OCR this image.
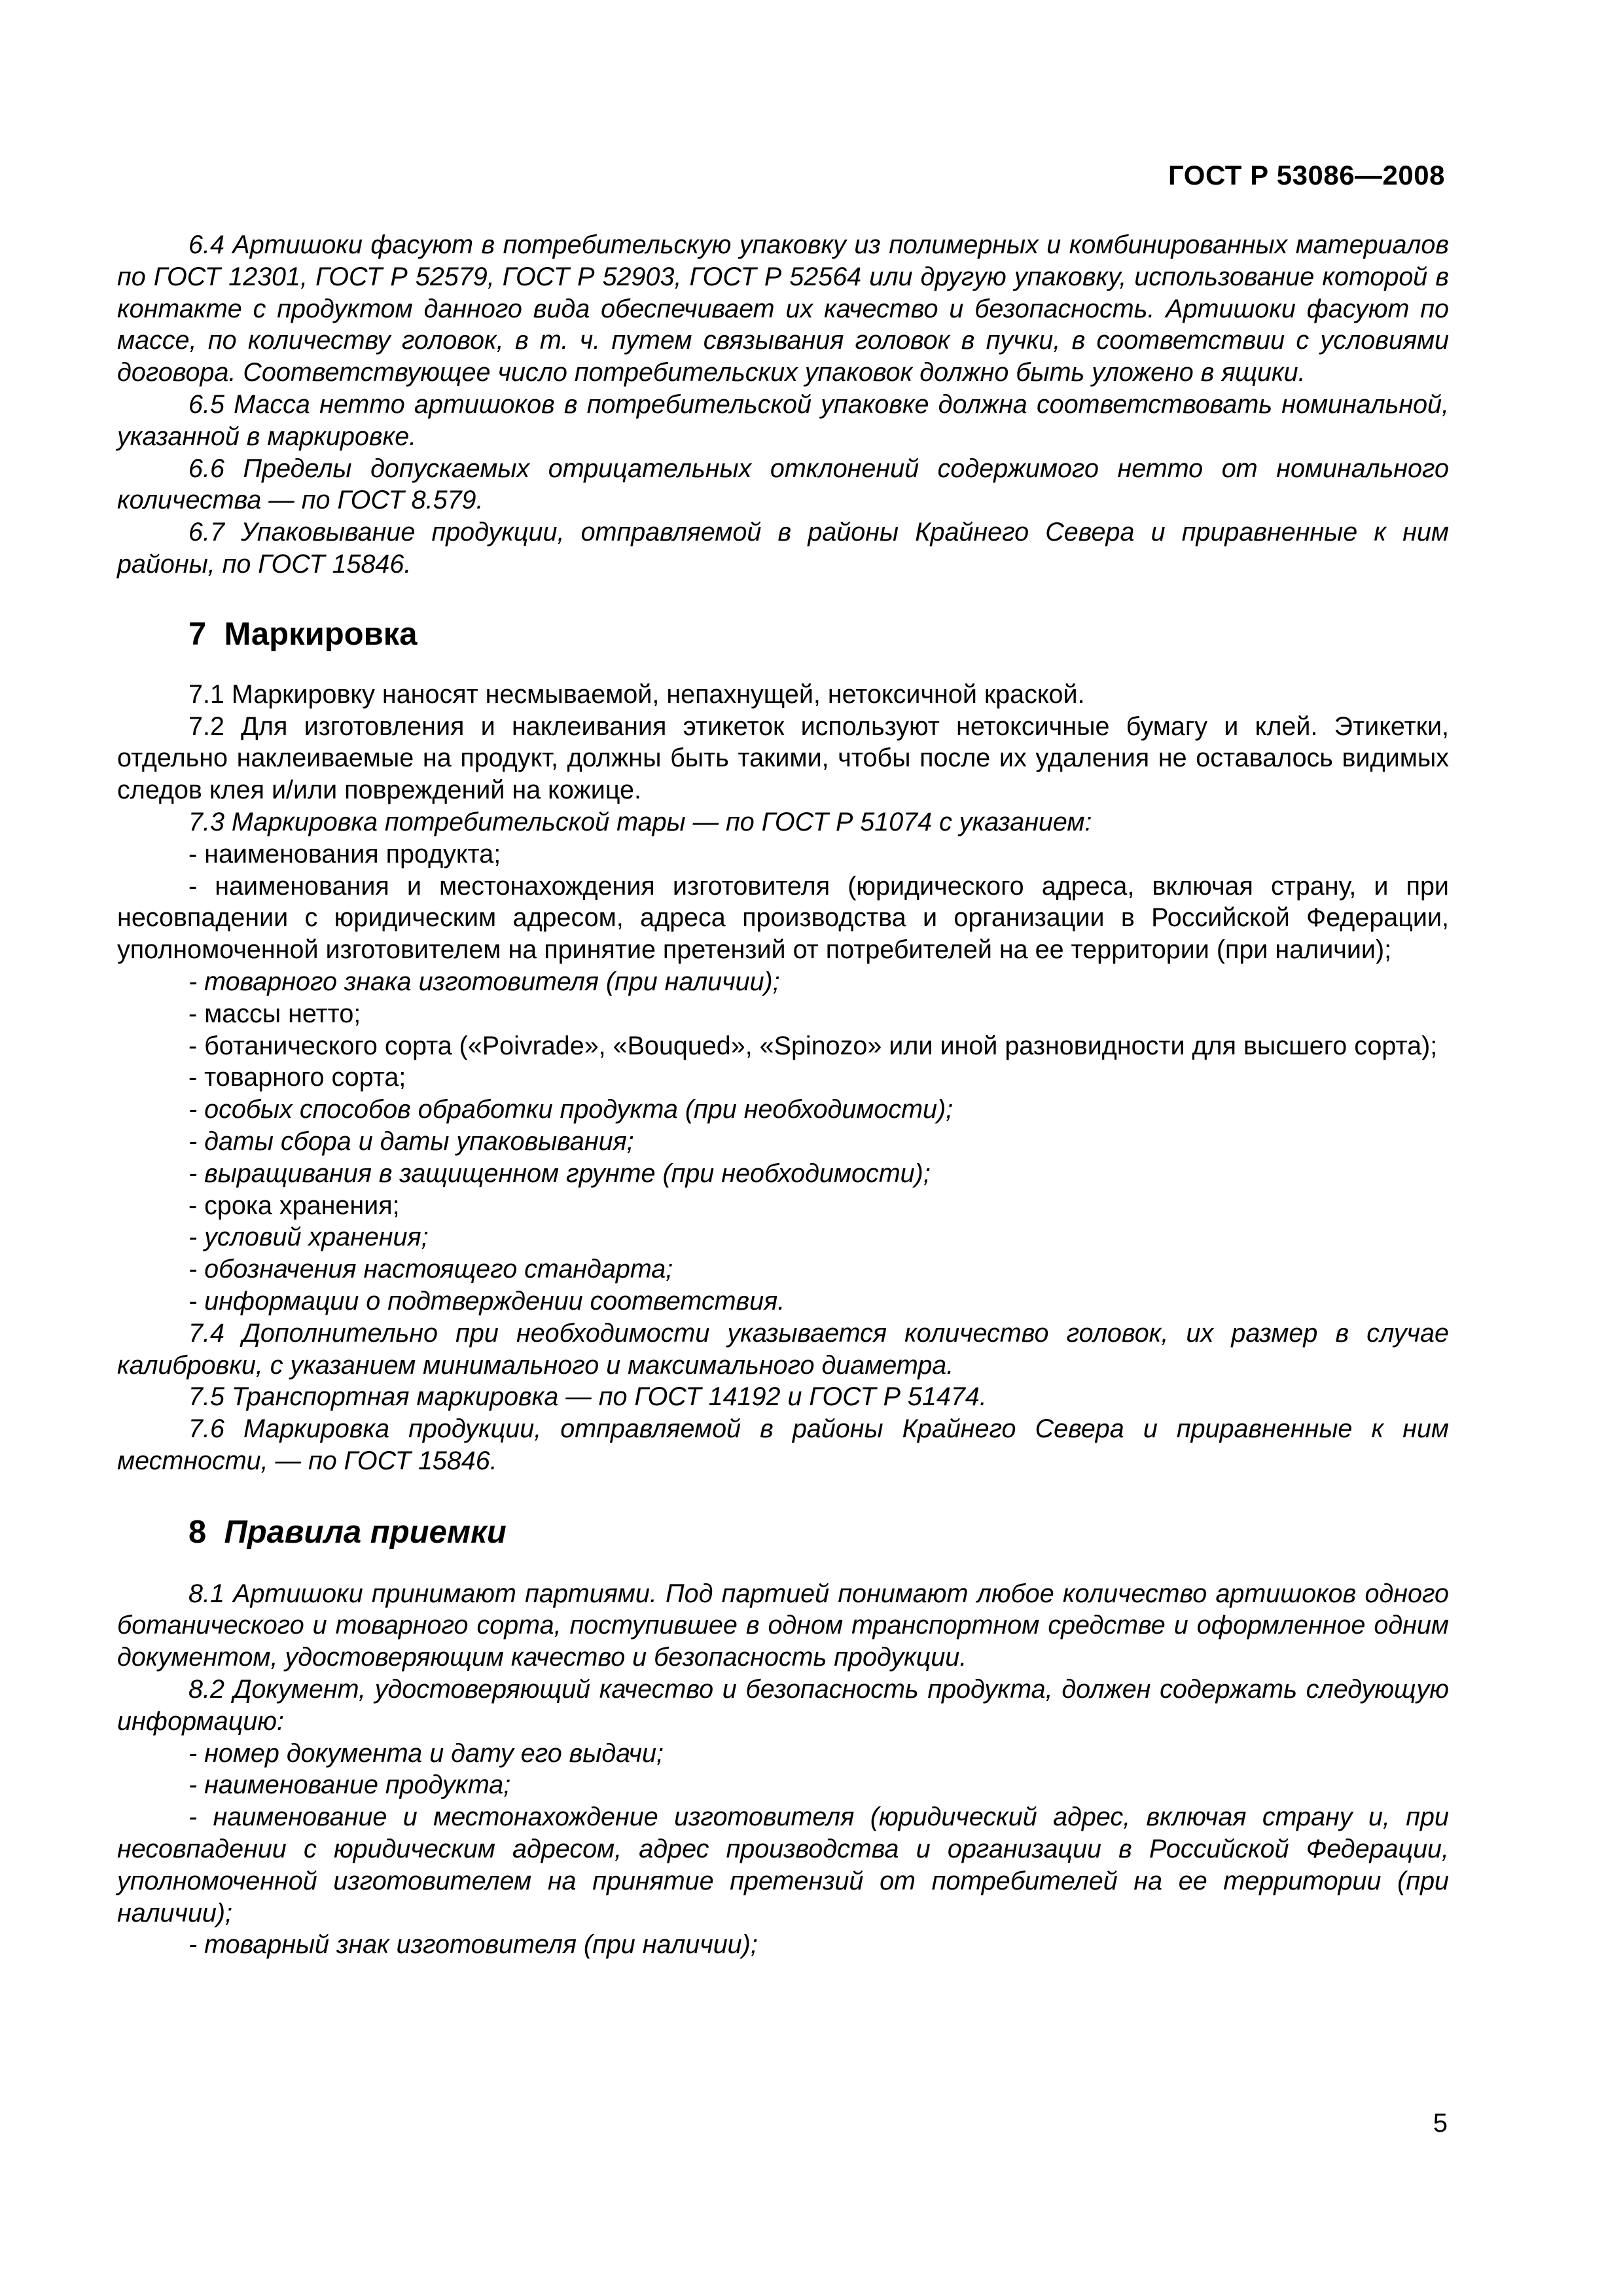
ГОСТ Р 53086—2008

6.4 Артишоки фасуют в потребительскую упаковку из полимерных и комбинированных материалов по ГОСТ 12301, ГОСТ Р 52579, ГОСТ Р 52903, ГОСТ Р 52564 или другую упаковку, использование которой в контакте с продуктом данного вида обеспечивает их качество и безопасность. Артишоки фасуют по массе, по количеству головок, в т. ч. путем связывания головок в пучки, в соответствии с условиями договора. Соответствующее число потребительских упаковок должно быть уложено в ящики.

6.5 Масса нетто артишоков в потребительской упаковке должна соответствовать номинальной, указанной в маркировке.

6.6 Пределы допускаемых отрицательных отклонений содержимого нетто от номинального количества — по ГОСТ 8.579.

6.7 Упаковывание продукции, отправляемой в районы Крайнего Севера и приравненные к ним районы, по ГОСТ 15846.

7 Маркировка

7.1 Маркировку наносят несмываемой, непахнущей, нетоксичной краской.

7.2 Для изготовления и наклеивания этикеток используют нетоксичные бумагу и клей. Этикетки, отдельно наклеиваемые на продукт, должны быть такими, чтобы после их удаления не оставалось видимых следов клея и/или повреждений на кожице.

7.3 Маркировка потребительской тары — по ГОСТ Р 51074 с указанием:

- наименования продукта;

- наименования и местонахождения изготовителя (юридического адреса, включая страну, и при несовпадении с юридическим адресом, адреса производства и организации в Российской Федерации, уполномоченной изготовителем на принятие претензий от потребителей на ее территории (при наличии);

- товарного знака изготовителя (при наличии);

- массы нетто;

- ботанического сорта («Poivrade», «Bouqued», «Spinozo» или иной разновидности для высшего сорта);

- товарного сорта;

- особых способов обработки продукта (при необходимости);

- даты сбора и даты упаковывания;

- выращивания в защищенном грунте (при необходимости);

- срока хранения;

- условий хранения;

- обозначения настоящего стандарта;

- информации о подтверждении соответствия.

7.4 Дополнительно при необходимости указывается количество головок, их размер в случае калибровки, с указанием минимального и максимального диаметра.

7.5 Транспортная маркировка — по ГОСТ 14192 и ГОСТ Р 51474.

7.6 Маркировка продукции, отправляемой в районы Крайнего Севера и приравненные к ним местности, — по ГОСТ 15846.

8 Правила приемки

8.1 Артишоки принимают партиями. Под партией понимают любое количество артишоков одного ботанического и товарного сорта, поступившее в одном транспортном средстве и оформленное одним документом, удостоверяющим качество и безопасность продукции.

8.2 Документ, удостоверяющий качество и безопасность продукта, должен содержать следующую информацию:

- номер документа и дату его выдачи;

- наименование продукта;

- наименование и местонахождение изготовителя (юридический адрес, включая страну и, при несовпадении с юридическим адресом, адрес производства и организации в Российской Федерации, уполномоченной изготовителем на принятие претензий от потребителей на ее территории (при наличии);

- товарный знак изготовителя (при наличии);

5
